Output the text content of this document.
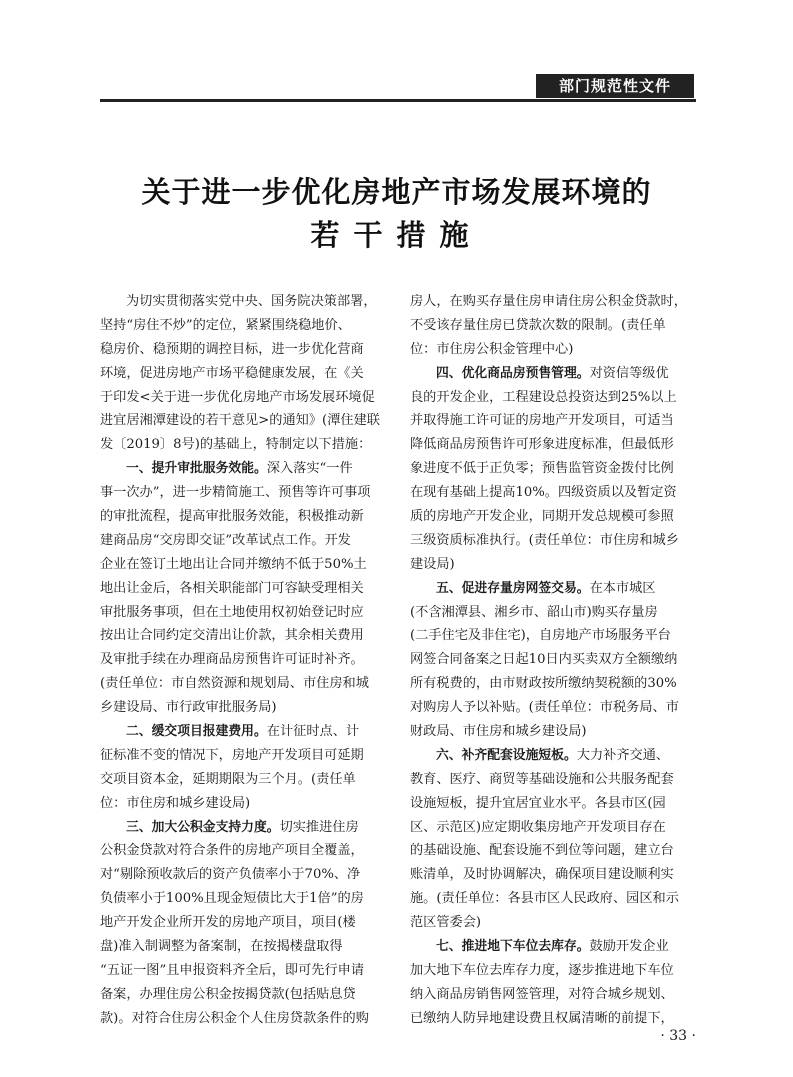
部门规范性文件
关于进一步优化房地产市场发展环境的
若干措施
为切实贯彻落实党中央、国务院决策部署，
坚持“房住不炒”的定位，紧紧围绕稳地价、
稳房价、稳预期的调控目标，进一步优化营商
环境，促进房地产市场平稳健康发展，在《关
于印发<关于进一步优化房地产市场发展环境促
进宜居湘潭建设的若干意见>的通知》(潭住建联
发〔2019〕8号)的基础上，特制定以下措施：
一、提升审批服务效能。深入落实“一件
事一次办”，进一步精简施工、预售等许可事项
的审批流程，提高审批服务效能，积极推动新
建商品房“交房即交证”改革试点工作。开发
企业在签订土地出让合同并缴纳不低于50%土
地出让金后，各相关职能部门可容缺受理相关
审批服务事项，但在土地使用权初始登记时应
按出让合同约定交清出让价款，其余相关费用
及审批手续在办理商品房预售许可证时补齐。
(责任单位：市自然资源和规划局、市住房和城
乡建设局、市行政审批服务局)
二、缓交项目报建费用。在计征时点、计
征标准不变的情况下，房地产开发项目可延期
交项目资本金，延期期限为三个月。(责任单
位：市住房和城乡建设局)
三、加大公积金支持力度。切实推进住房
公积金贷款对符合条件的房地产项目全覆盖，
对“剔除预收款后的资产负债率小于70%、净
负债率小于100%且现金短债比大于1倍”的房
地产开发企业所开发的房地产项目，项目(楼
盘)准入制调整为备案制，在按揭楼盘取得
“五证一图”且申报资料齐全后，即可先行申请
备案，办理住房公积金按揭贷款(包括贴息贷
款)。对符合住房公积金个人住房贷款条件的购
房人，在购买存量住房申请住房公积金贷款时，
不受该存量住房已贷款次数的限制。(责任单
位：市住房公积金管理中心)
四、优化商品房预售管理。对资信等级优
良的开发企业，工程建设总投资达到25%以上
并取得施工许可证的房地产开发项目，可适当
降低商品房预售许可形象进度标准，但最低形
象进度不低于正负零；预售监管资金拨付比例
在现有基础上提高10%。四级资质以及暂定资
质的房地产开发企业，同期开发总规模可参照
三级资质标准执行。(责任单位：市住房和城乡
建设局)
五、促进存量房网签交易。在本市城区
(不含湘潭县、湘乡市、韶山市)购买存量房
(二手住宅及非住宅)，自房地产市场服务平台
网签合同备案之日起10日内买卖双方全额缴纳
所有税费的，由市财政按所缴纳契税额的30%
对购房人予以补贴。(责任单位：市税务局、市
财政局、市住房和城乡建设局)
六、补齐配套设施短板。大力补齐交通、
教育、医疗、商贸等基础设施和公共服务配套
设施短板，提升宜居宜业水平。各县市区(园
区、示范区)应定期收集房地产开发项目存在
的基础设施、配套设施不到位等问题，建立台
账清单，及时协调解决，确保项目建设顺利实
施。(责任单位：各县市区人民政府、园区和示
范区管委会)
七、推进地下车位去库存。鼓励开发企业
加大地下车位去库存力度，逐步推进地下车位
纳入商品房销售网签管理，对符合城乡规划、
已缴纳人防异地建设费且权属清晰的前提下，
· 33 ·
